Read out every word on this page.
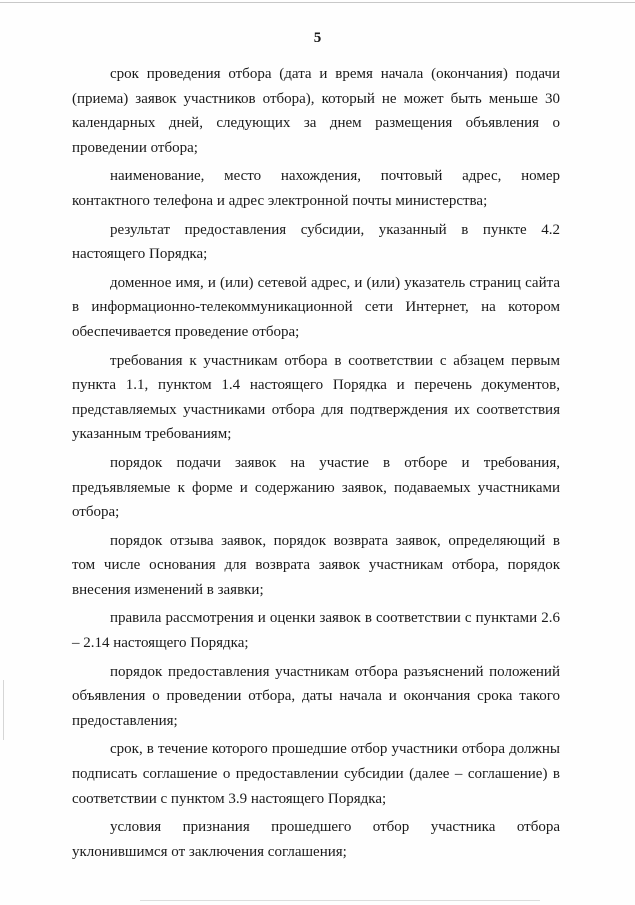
5

срок проведения отбора (дата и время начала (окончания) подачи (приема) заявок участников отбора), который не может быть меньше 30 календарных дней, следующих за днем размещения объявления о проведении отбора;

наименование, место нахождения, почтовый адрес, номер контактного телефона и адрес электронной почты министерства;

результат предоставления субсидии, указанный в пункте 4.2 настоящего Порядка;

доменное имя, и (или) сетевой адрес, и (или) указатель страниц сайта в информационно-телекоммуникационной сети Интернет, на котором обеспечивается проведение отбора;

требования к участникам отбора в соответствии с абзацем первым пункта 1.1, пунктом 1.4 настоящего Порядка и перечень документов, представляемых участниками отбора для подтверждения их соответствия указанным требованиям;

порядок подачи заявок на участие в отборе и требования, предъявляемые к форме и содержанию заявок, подаваемых участниками отбора;

порядок отзыва заявок, порядок возврата заявок, определяющий в том числе основания для возврата заявок участникам отбора, порядок внесения изменений в заявки;

правила рассмотрения и оценки заявок в соответствии с пунктами 2.6 – 2.14 настоящего Порядка;

порядок предоставления участникам отбора разъяснений положений объявления о проведении отбора, даты начала и окончания срока такого предоставления;

срок, в течение которого прошедшие отбор участники отбора должны подписать соглашение о предоставлении субсидии (далее – соглашение) в соответствии с пунктом 3.9 настоящего Порядка;

условия признания прошедшего отбор участника отбора уклонившимся от заключения соглашения;
